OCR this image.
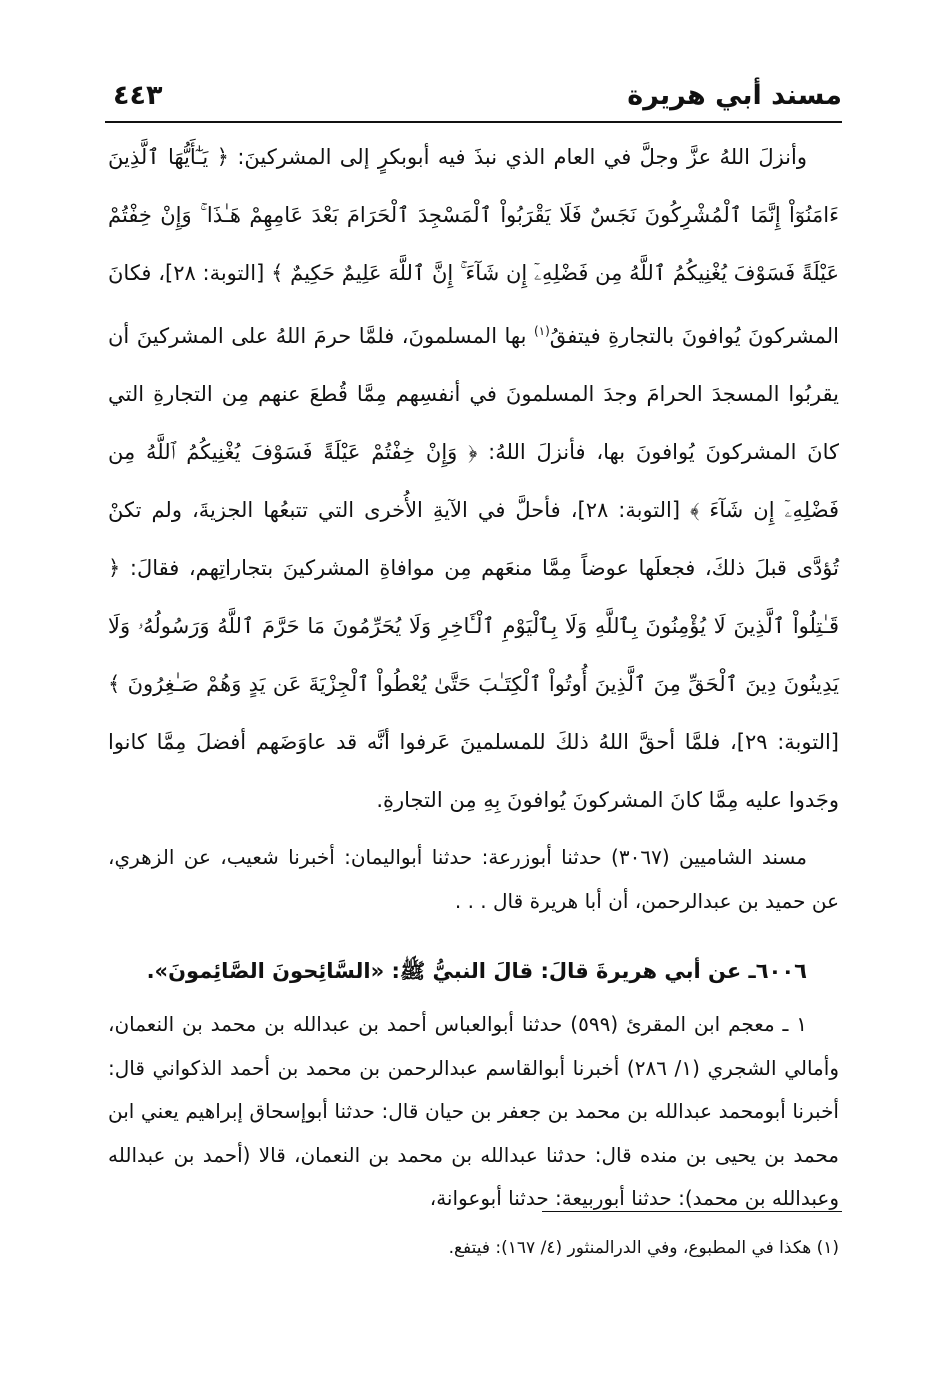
مسند أبي هريرة
٤٤٣

وأنزلَ اللهُ عزَّ وجلَّ في العام الذي نبذَ فيه أبوبكرٍ إلى المشركينَ: ﴿ يَـٰٓأَيُّهَا ٱلَّذِينَ ءَامَنُوٓاْ إِنَّمَا ٱلْمُشْرِكُونَ نَجَسٌ فَلَا يَقْرَبُواْ ٱلْمَسْجِدَ ٱلْحَرَامَ بَعْدَ عَامِهِمْ هَـٰذَا ۚ وَإِنْ خِفْتُمْ عَيْلَةً فَسَوْفَ يُغْنِيكُمُ ٱللَّهُ مِن فَضْلِهِۦٓ إِن شَآءَ ۚ إِنَّ ٱللَّهَ عَلِيمٌ حَكِيمٌ ﴾ [التوبة: ٢٨]، فكانَ المشركونَ يُوافونَ بالتجارةِ فيتفقُ$^{(١)}$ بها المسلمونَ، فلمَّا حرمَ اللهُ على المشركينَ أن يقربُوا المسجدَ الحرامَ وجدَ المسلمونَ في أنفسِهم مِمَّا قُطعَ عنهم مِن التجارةِ التي كانَ المشركونَ يُوافونَ بها، فأنزلَ اللهُ: ﴿ وَإِنْ خِفْتُمْ عَيْلَةً فَسَوْفَ يُغْنِيكُمُ ٱللَّهُ مِن فَضْلِهِۦٓ إِن شَآءَ ﴾ [التوبة: ٢٨]، فأحلَّ في الآيةِ الأُخرى التي تتبعُها الجزيةَ، ولم تكنْ تُؤدَّى قبلَ ذلكَ، فجعلَها عوضاً مِمَّا منعَهم مِن موافاةِ المشركينَ بتجاراتِهم، فقالَ: ﴿ قَـٰتِلُواْ ٱلَّذِينَ لَا يُؤْمِنُونَ بِٱللَّهِ وَلَا بِٱلْيَوْمِ ٱلْـَٔاخِرِ وَلَا يُحَرِّمُونَ مَا حَرَّمَ ٱللَّهُ وَرَسُولُهُۥ وَلَا يَدِينُونَ دِينَ ٱلْحَقِّ مِنَ ٱلَّذِينَ أُوتُواْ ٱلْكِتَـٰبَ حَتَّىٰ يُعْطُواْ ٱلْجِزْيَةَ عَن يَدٍ وَهُمْ صَـٰغِرُونَ ﴾ [التوبة: ٢٩]، فلمَّا أحقَّ اللهُ ذلكَ للمسلمينَ عَرفوا أنَّه قد عاوَضَهم أفضلَ مِمَّا كانوا وجَدوا عليه مِمَّا كانَ المشركونَ يُوافونَ بِهِ مِن التجارةِ.

مسند الشاميين (٣٠٦٧) حدثنا أبوزرعة: حدثنا أبواليمان: أخبرنا شعيب، عن الزهري، عن حميد بن عبدالرحمن، أن أبا هريرة قال . . .

٦٠٠٦ـ عن أبي هريرةَ قالَ: قالَ النبيُّ ﷺ: «السَّائِحونَ الصَّائِمونَ».

١ ـ معجم ابن المقرئ (٥٩٩) حدثنا أبوالعباس أحمد بن عبدالله بن محمد بن النعمان، وأمالي الشجري (١/ ٢٨٦) أخبرنا أبوالقاسم عبدالرحمن بن محمد بن أحمد الذكواني قال: أخبرنا أبومحمد عبدالله بن محمد بن جعفر بن حيان قال: حدثنا أبوإسحاق إبراهيم يعني ابن محمد بن يحيى بن منده قال: حدثنا عبدالله بن محمد بن النعمان، قالا (أحمد بن عبدالله وعبدالله بن محمد): حدثنا أبوربيعة: حدثنا أبوعوانة،

(١) هكذا في المطبوع، وفي الدرالمنثور (٤/ ١٦٧): فيتفع.
